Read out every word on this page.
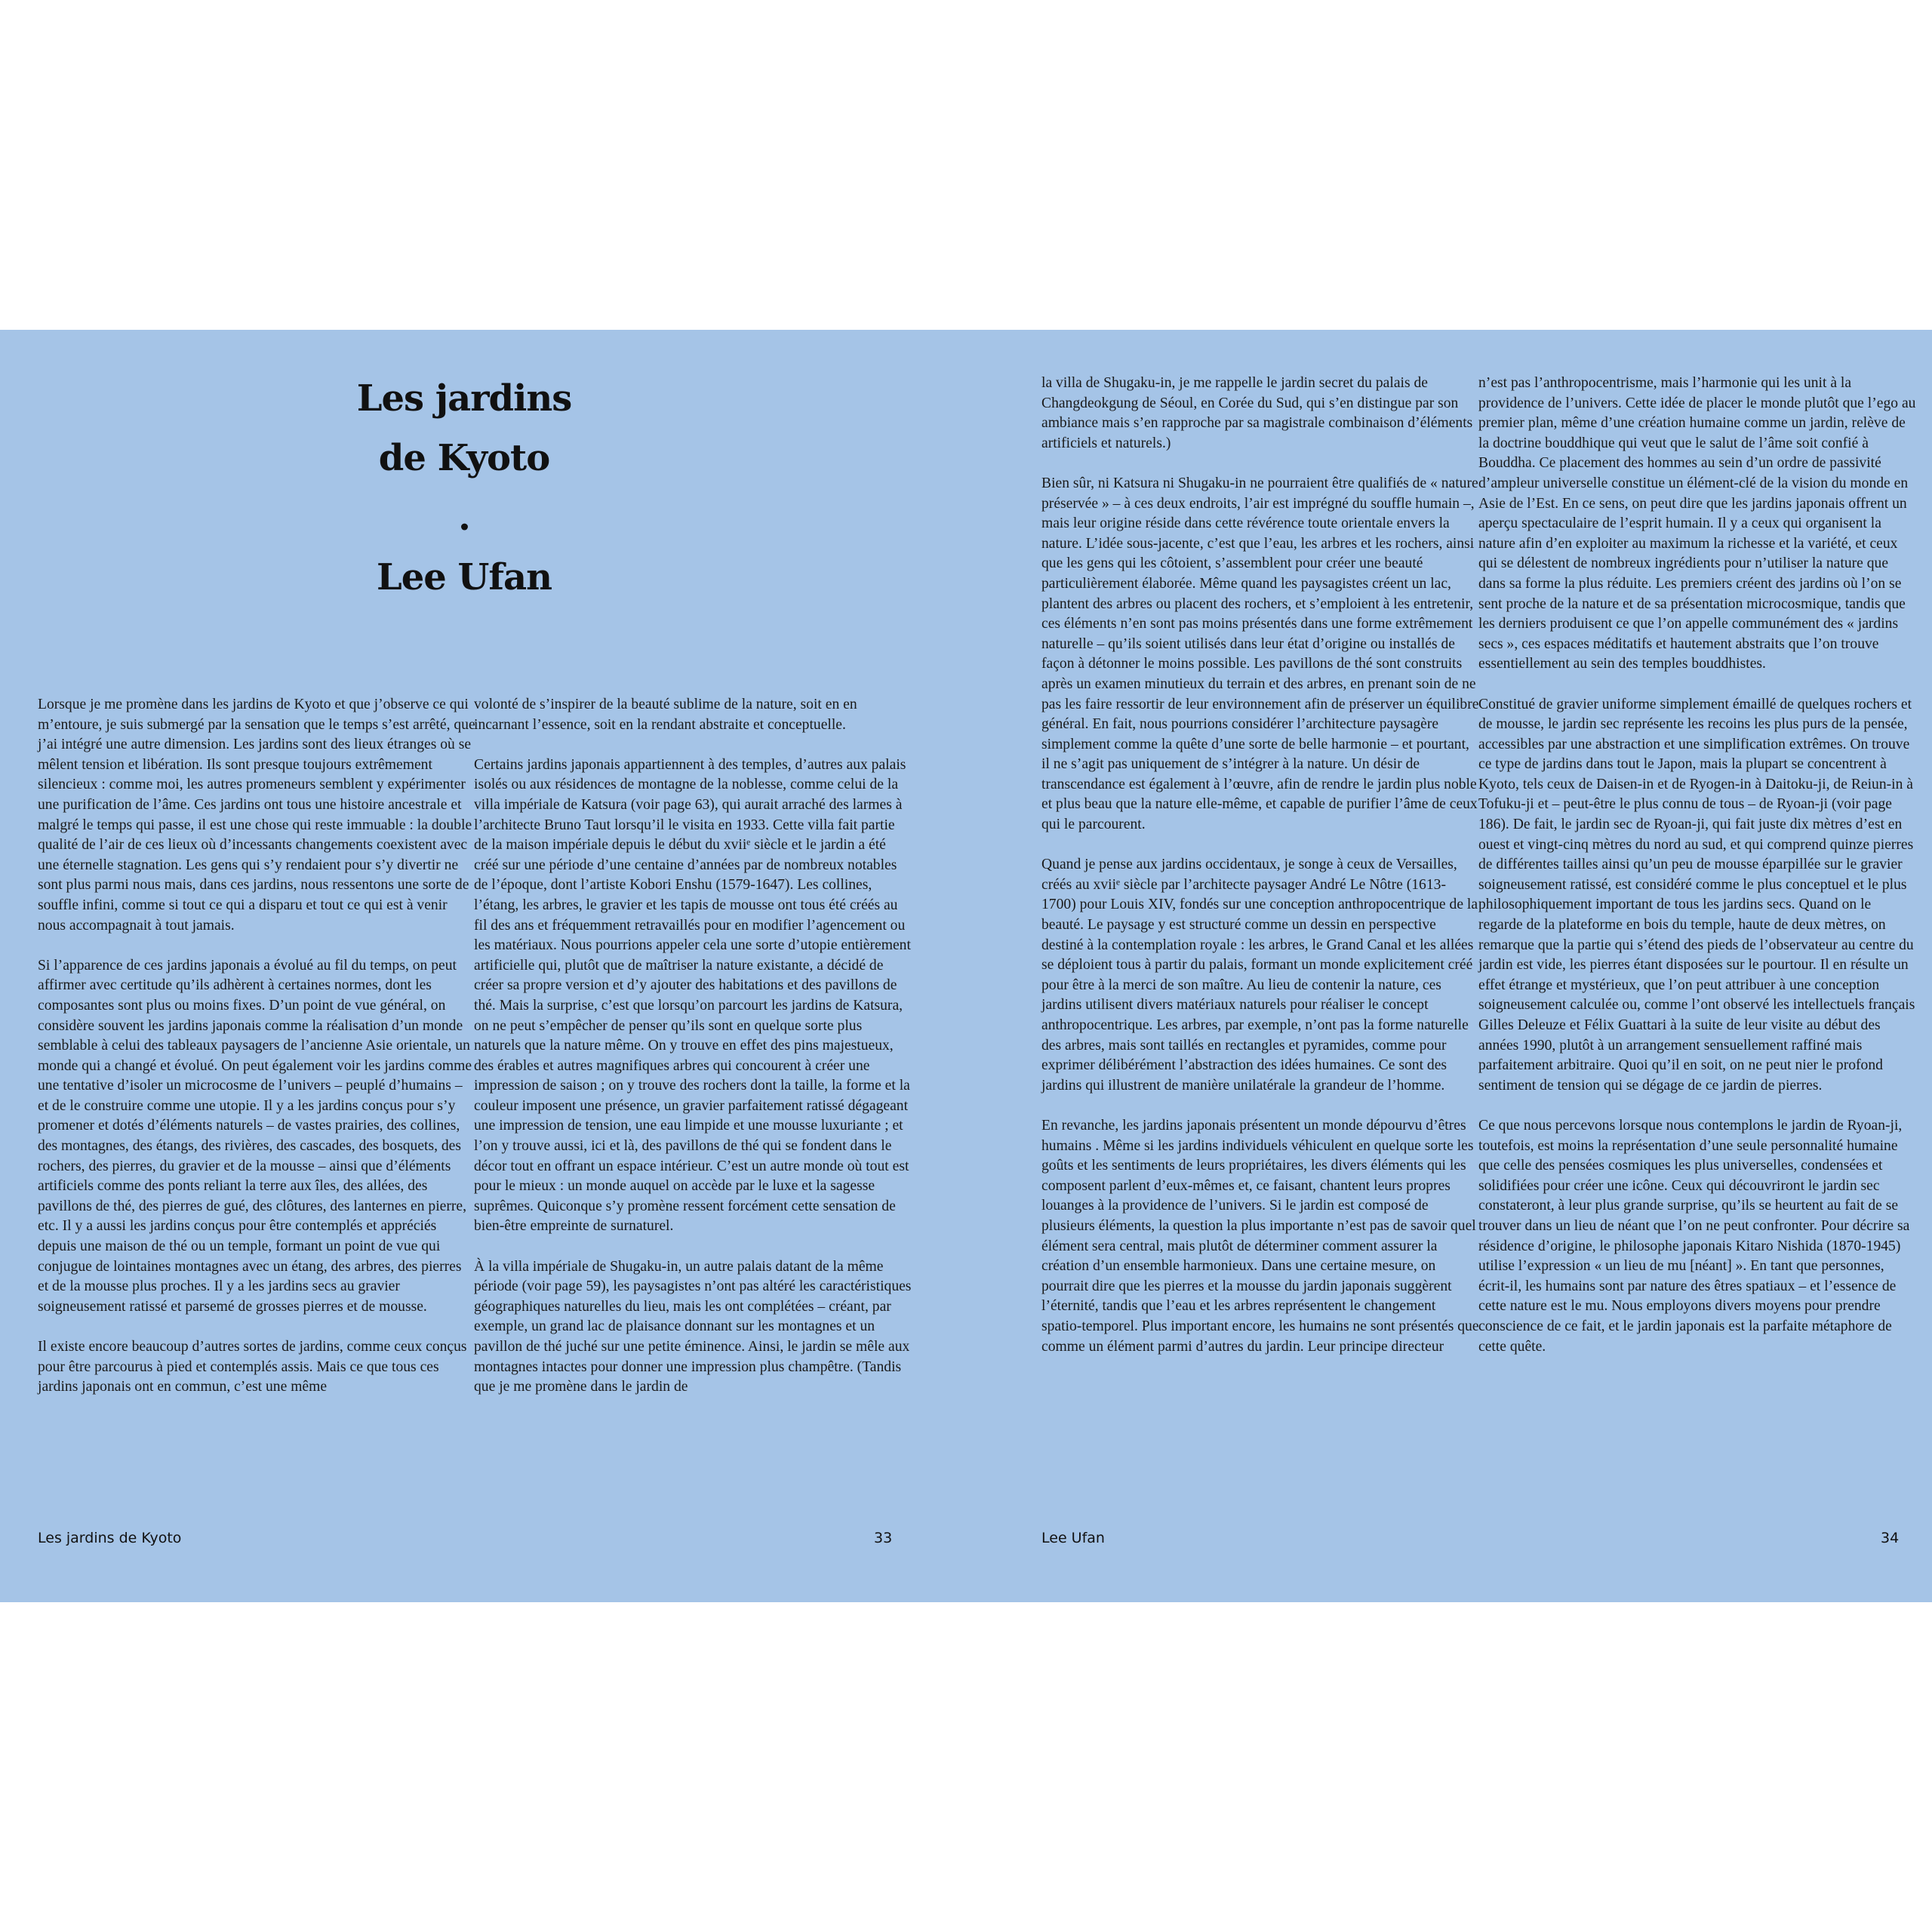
Les jardins
de Kyoto
.
Lee Ufan

Lorsque je me promène dans les jardins de Kyoto et que j’observe ce qui m’entoure, je suis submergé par la sensation que le temps s’est arrêté, que j’ai intégré une autre dimension. Les jardins sont des lieux étranges où se mêlent tension et libération. Ils sont presque toujours extrêmement silencieux : comme moi, les autres promeneurs semblent y expérimenter une purification de l’âme. Ces jardins ont tous une histoire ancestrale et malgré le temps qui passe, il est une chose qui reste immuable : la double qualité de l’air de ces lieux où d’incessants changements coexistent avec une éternelle stagnation. Les gens qui s’y rendaient pour s’y divertir ne sont plus parmi nous mais, dans ces jardins, nous ressentons une sorte de souffle infini, comme si tout ce qui a disparu et tout ce qui est à venir nous accompagnait à tout jamais.

Si l’apparence de ces jardins japonais a évolué au fil du temps, on peut affirmer avec certitude qu’ils adhèrent à certaines normes, dont les composantes sont plus ou moins fixes. D’un point de vue général, on considère souvent les jardins japonais comme la réalisation d’un monde semblable à celui des tableaux paysagers de l’ancienne Asie orientale, un monde qui a changé et évolué. On peut également voir les jardins comme une tentative d’isoler un microcosme de l’univers – peuplé d’humains – et de le construire comme une utopie. Il y a les jardins conçus pour s’y promener et dotés d’éléments naturels – de vastes prairies, des collines, des montagnes, des étangs, des rivières, des cascades, des bosquets, des rochers, des pierres, du gravier et de la mousse – ainsi que d’éléments artificiels comme des ponts reliant la terre aux îles, des allées, des pavillons de thé, des pierres de gué, des clôtures, des lanternes en pierre, etc. Il y a aussi les jardins conçus pour être contemplés et appréciés depuis une maison de thé ou un temple, formant un point de vue qui conjugue de lointaines montagnes avec un étang, des arbres, des pierres et de la mousse plus proches. Il y a les jardins secs au gravier soigneusement ratissé et parsemé de grosses pierres et de mousse.

Il existe encore beaucoup d’autres sortes de jardins, comme ceux conçus pour être parcourus à pied et contemplés assis. Mais ce que tous ces jardins japonais ont en commun, c’est une même

volonté de s’inspirer de la beauté sublime de la nature, soit en en incarnant l’essence, soit en la rendant abstraite et conceptuelle.

Certains jardins japonais appartiennent à des temples, d’autres aux palais isolés ou aux résidences de montagne de la noblesse, comme celui de la villa impériale de Katsura (voir page 63), qui aurait arraché des larmes à l’architecte Bruno Taut lorsqu’il le visita en 1933. Cette villa fait partie de la maison impériale depuis le début du xviiᵉ siècle et le jardin a été créé sur une période d’une centaine d’années par de nombreux notables de l’époque, dont l’artiste Kobori Enshu (1579-1647). Les collines, l’étang, les arbres, le gravier et les tapis de mousse ont tous été créés au fil des ans et fréquemment retravaillés pour en modifier l’agencement ou les matériaux. Nous pourrions appeler cela une sorte d’utopie entièrement artificielle qui, plutôt que de maîtriser la nature existante, a décidé de créer sa propre version et d’y ajouter des habitations et des pavillons de thé. Mais la surprise, c’est que lorsqu’on parcourt les jardins de Katsura, on ne peut s’empêcher de penser qu’ils sont en quelque sorte plus naturels que la nature même. On y trouve en effet des pins majestueux, des érables et autres magnifiques arbres qui concourent à créer une impression de saison ; on y trouve des rochers dont la taille, la forme et la couleur imposent une présence, un gravier parfaitement ratissé dégageant une impression de tension, une eau limpide et une mousse luxuriante ; et l’on y trouve aussi, ici et là, des pavillons de thé qui se fondent dans le décor tout en offrant un espace intérieur. C’est un autre monde où tout est pour le mieux : un monde auquel on accède par le luxe et la sagesse suprêmes. Quiconque s’y promène ressent forcément cette sensation de bien-être empreinte de surnaturel.

À la villa impériale de Shugaku-in, un autre palais datant de la même période (voir page 59), les paysagistes n’ont pas altéré les caractéristiques géographiques naturelles du lieu, mais les ont complétées – créant, par exemple, un grand lac de plaisance donnant sur les montagnes et un pavillon de thé juché sur une petite éminence. Ainsi, le jardin se mêle aux montagnes intactes pour donner une impression plus champêtre. (Tandis que je me promène dans le jardin de

Les jardins de Kyoto	33

la villa de Shugaku-in, je me rappelle le jardin secret du palais de Changdeokgung de Séoul, en Corée du Sud, qui s’en distingue par son ambiance mais s’en rapproche par sa magistrale combinaison d’éléments artificiels et naturels.)

Bien sûr, ni Katsura ni Shugaku-in ne pourraient être qualifiés de « nature préservée » – à ces deux endroits, l’air est imprégné du souffle humain –, mais leur origine réside dans cette révérence toute orientale envers la nature. L’idée sous-jacente, c’est que l’eau, les arbres et les rochers, ainsi que les gens qui les côtoient, s’assemblent pour créer une beauté particulièrement élaborée. Même quand les paysagistes créent un lac, plantent des arbres ou placent des rochers, et s’emploient à les entretenir, ces éléments n’en sont pas moins présentés dans une forme extrêmement naturelle – qu’ils soient utilisés dans leur état d’origine ou installés de façon à détonner le moins possible. Les pavillons de thé sont construits après un examen minutieux du terrain et des arbres, en prenant soin de ne pas les faire ressortir de leur environnement afin de préserver un équilibre général. En fait, nous pourrions considérer l’architecture paysagère simplement comme la quête d’une sorte de belle harmonie – et pourtant, il ne s’agit pas uniquement de s’intégrer à la nature. Un désir de transcendance est également à l’œuvre, afin de rendre le jardin plus noble et plus beau que la nature elle-même, et capable de purifier l’âme de ceux qui le parcourent.

Quand je pense aux jardins occidentaux, je songe à ceux de Versailles, créés au xviiᵉ siècle par l’architecte paysager André Le Nôtre (1613-1700) pour Louis XIV, fondés sur une conception anthropocentrique de la beauté. Le paysage y est structuré comme un dessin en perspective destiné à la contemplation royale : les arbres, le Grand Canal et les allées se déploient tous à partir du palais, formant un monde explicitement créé pour être à la merci de son maître. Au lieu de contenir la nature, ces jardins utilisent divers matériaux naturels pour réaliser le concept anthropocentrique. Les arbres, par exemple, n’ont pas la forme naturelle des arbres, mais sont taillés en rectangles et pyramides, comme pour exprimer délibérément l’abstraction des idées humaines. Ce sont des jardins qui illustrent de manière unilatérale la grandeur de l’homme.

En revanche, les jardins japonais présentent un monde dépourvu d’êtres humains . Même si les jardins individuels véhiculent en quelque sorte les goûts et les sentiments de leurs propriétaires, les divers éléments qui les composent parlent d’eux-mêmes et, ce faisant, chantent leurs propres louanges à la providence de l’univers. Si le jardin est composé de plusieurs éléments, la question la plus importante n’est pas de savoir quel élément sera central, mais plutôt de déterminer comment assurer la création d’un ensemble harmonieux. Dans une certaine mesure, on pourrait dire que les pierres et la mousse du jardin japonais suggèrent l’éternité, tandis que l’eau et les arbres représentent le changement spatio-temporel. Plus important encore, les humains ne sont présentés que comme un élément parmi d’autres du jardin. Leur principe directeur

n’est pas l’anthropocentrisme, mais l’harmonie qui les unit à la providence de l’univers. Cette idée de placer le monde plutôt que l’ego au premier plan, même d’une création humaine comme un jardin, relève de la doctrine bouddhique qui veut que le salut de l’âme soit confié à Bouddha. Ce placement des hommes au sein d’un ordre de passivité d’ampleur universelle constitue un élément-clé de la vision du monde en Asie de l’Est. En ce sens, on peut dire que les jardins japonais offrent un aperçu spectaculaire de l’esprit humain. Il y a ceux qui organisent la nature afin d’en exploiter au maximum la richesse et la variété, et ceux qui se délestent de nombreux ingrédients pour n’utiliser la nature que dans sa forme la plus réduite. Les premiers créent des jardins où l’on se sent proche de la nature et de sa présentation microcosmique, tandis que les derniers produisent ce que l’on appelle communément des « jardins secs », ces espaces méditatifs et hautement abstraits que l’on trouve essentiellement au sein des temples bouddhistes.

Constitué de gravier uniforme simplement émaillé de quelques rochers et de mousse, le jardin sec représente les recoins les plus purs de la pensée, accessibles par une abstraction et une simplification extrêmes. On trouve ce type de jardins dans tout le Japon, mais la plupart se concentrent à Kyoto, tels ceux de Daisen-in et de Ryogen-in à Daitoku-ji, de Reiun-in à Tofuku-ji et – peut-être le plus connu de tous – de Ryoan-ji (voir page 186). De fait, le jardin sec de Ryoan-ji, qui fait juste dix mètres d’est en ouest et vingt-cinq mètres du nord au sud, et qui comprend quinze pierres de différentes tailles ainsi qu’un peu de mousse éparpillée sur le gravier soigneusement ratissé, est considéré comme le plus conceptuel et le plus philosophiquement important de tous les jardins secs. Quand on le regarde de la plateforme en bois du temple, haute de deux mètres, on remarque que la partie qui s’étend des pieds de l’observateur au centre du jardin est vide, les pierres étant disposées sur le pourtour. Il en résulte un effet étrange et mystérieux, que l’on peut attribuer à une conception soigneusement calculée ou, comme l’ont observé les intellectuels français Gilles Deleuze et Félix Guattari à la suite de leur visite au début des années 1990, plutôt à un arrangement sensuellement raffiné mais parfaitement arbitraire. Quoi qu’il en soit, on ne peut nier le profond sentiment de tension qui se dégage de ce jardin de pierres.

Ce que nous percevons lorsque nous contemplons le jardin de Ryoan-ji, toutefois, est moins la représentation d’une seule personnalité humaine que celle des pensées cosmiques les plus universelles, condensées et solidifiées pour créer une icône. Ceux qui découvriront le jardin sec constateront, à leur plus grande surprise, qu’ils se heurtent au fait de se trouver dans un lieu de néant que l’on ne peut confronter. Pour décrire sa résidence d’origine, le philosophe japonais Kitaro Nishida (1870-1945) utilise l’expression « un lieu de mu [néant] ». En tant que personnes, écrit-il, les humains sont par nature des êtres spatiaux – et l’essence de cette nature est le mu. Nous employons divers moyens pour prendre conscience de ce fait, et le jardin japonais est la parfaite métaphore de cette quête.

Lee Ufan	34
